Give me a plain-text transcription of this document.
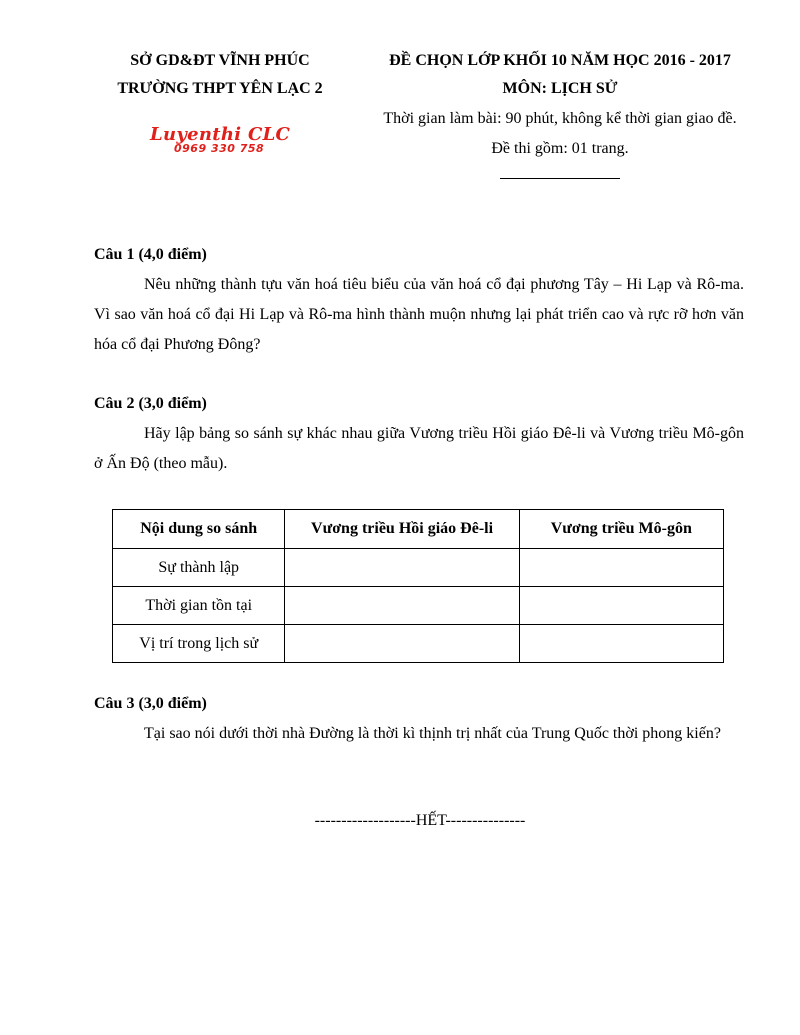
SỞ GD&ĐT VĨNH PHÚC
TRƯỜNG THPT YÊN LẠC 2
Luyenthi CLC
0969 330 758
ĐỀ CHỌN LỚP KHỐI 10 NĂM HỌC 2016 - 2017
MÔN: LỊCH SỬ
Thời gian làm bài: 90 phút, không kể thời gian giao đề.
Đề thi gồm: 01 trang.
Câu 1 (4,0 điểm)
Nêu những thành tựu văn hoá tiêu biểu của văn hoá cổ đại phương Tây – Hi Lạp và Rô-ma. Vì sao văn hoá cổ đại Hi Lạp và Rô-ma hình thành muộn nhưng lại phát triển cao và rực rỡ hơn văn hóa cổ đại Phương Đông?
Câu 2 (3,0 điểm)
Hãy lập bảng so sánh sự khác nhau giữa Vương triều Hồi giáo Đê-li và Vương triều Mô-gôn ở Ấn Độ (theo mẫu).
Nội dung so sánh	Vương triều Hồi giáo Đê-li	Vương triều Mô-gôn
Sự thành lập		
Thời gian tồn tại		
Vị trí trong lịch sử		
Câu 3 (3,0 điểm)
Tại sao nói dưới thời nhà Đường là thời kì thịnh trị nhất của Trung Quốc thời phong kiến?
-------------------HẾT---------------
